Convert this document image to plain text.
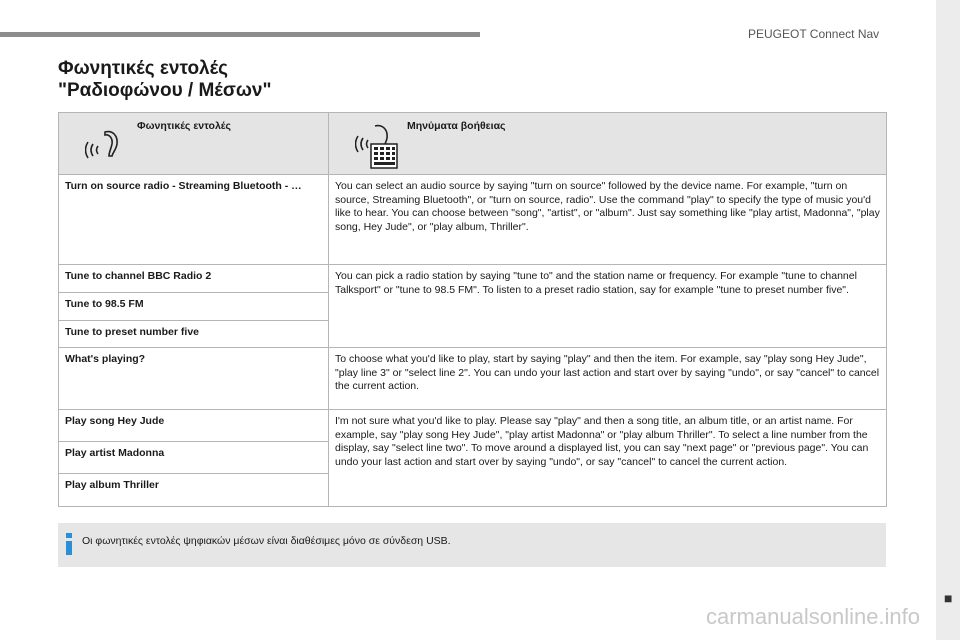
PEUGEOT Connect Nav
■
Φωνητικές εντολές
"Ραδιοφώνου / Μέσων"
Φωνητικές εντολές	Μηνύματα βοήθειας

Turn on source radio - Streaming Bluetooth - …	You can select an audio source by saying "turn on source" followed by the device name. For example, "turn on source, Streaming Bluetooth", or "turn on source, radio". Use the command "play" to specify the type of music you'd like to hear. You can choose between "song", "artist", or "album". Just say something like "play artist, Madonna", "play song, Hey Jude", or "play album, Thriller".
Tune to channel BBC Radio 2	You can pick a radio station by saying "tune to" and the station name or frequency. For example "tune to channel Talksport" or "tune to 98.5 FM". To listen to a preset radio station, say for example "tune to preset number five".
Tune to 98.5 FM	
Tune to preset number five	
What's playing?	To choose what you'd like to play, start by saying "play" and then the item. For example, say "play song Hey Jude", "play line 3" or "select line 2". You can undo your last action and start over by saying "undo", or say "cancel" to cancel the current action.
Play song Hey Jude	I'm not sure what you'd like to play. Please say "play" and then a song title, an album title, or an artist name. For example, say "play song Hey Jude", "play artist Madonna" or "play album Thriller". To select a line number from the display, say "select line two". To move around a displayed list, you can say "next page" or "previous page". You can undo your last action and start over by saying "undo", or say "cancel" to cancel the current action.
Play artist Madonna	
Play album Thriller	
Οι φωνητικές εντολές ψηφιακών μέσων είναι διαθέσιμες μόνο σε σύνδεση USB.
carmanualsonline.info
